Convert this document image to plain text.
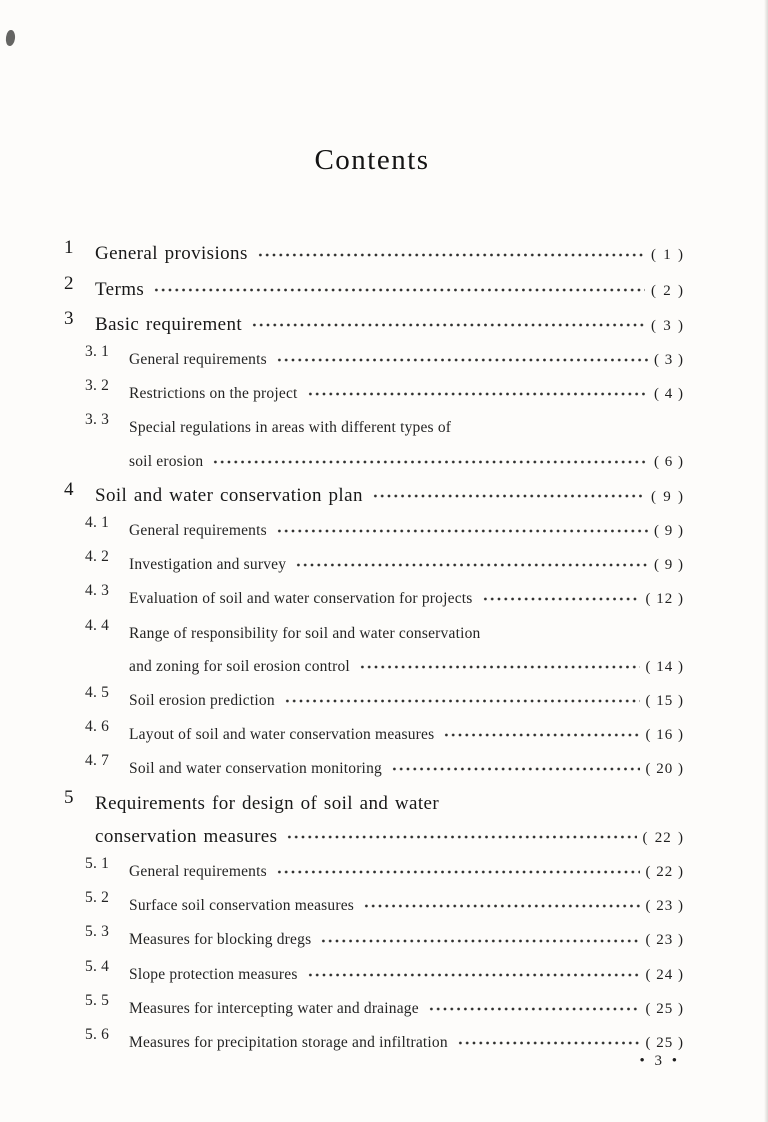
Contents
1	General provisions	( 1 )
2	Terms	( 2 )
3	Basic requirement	( 3 )
3. 1	General requirements	( 3 )
3. 2	Restrictions on the project	( 4 )
3. 3	Special regulations in areas with different types of
soil erosion	( 6 )
4	Soil and water conservation plan	( 9 )
4. 1	General requirements	( 9 )
4. 2	Investigation and survey	( 9 )
4. 3	Evaluation of soil and water conservation for projects	( 12 )
4. 4	Range of responsibility for soil and water conservation
and zoning for soil erosion control	( 14 )
4. 5	Soil erosion prediction	( 15 )
4. 6	Layout of soil and water conservation measures	( 16 )
4. 7	Soil and water conservation monitoring	( 20 )
5	Requirements for design of soil and water
conservation measures	( 22 )
5. 1	General requirements	( 22 )
5. 2	Surface soil conservation measures	( 23 )
5. 3	Measures for blocking dregs	( 23 )
5. 4	Slope protection measures	( 24 )
5. 5	Measures for intercepting water and drainage	( 25 )
5. 6	Measures for precipitation storage and infiltration	( 25 )
• 3 •
